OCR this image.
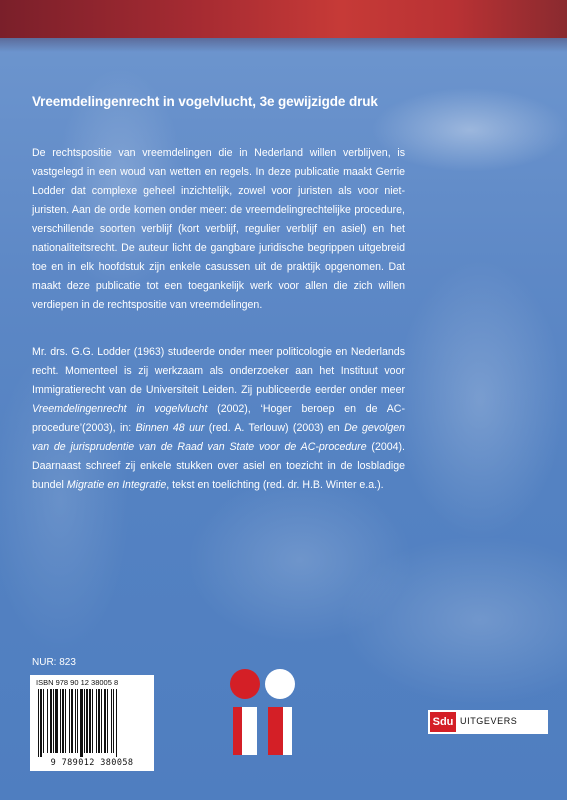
Vreemdelingenrecht in vogelvlucht, 3e gewijzigde druk

De rechtspositie van vreemdelingen die in Nederland willen verblijven, is vastgelegd in een woud van wetten en regels. In deze publicatie maakt Gerrie Lodder dat complexe geheel inzichtelijk, zowel voor juristen als voor niet-juristen. Aan de orde komen onder meer: de vreemdelingrechtelijke procedure, verschillende soorten verblijf (kort verblijf, regulier verblijf en asiel) en het nationaliteitsrecht. De auteur licht de gangbare juridische begrippen uitgebreid toe en in elk hoofdstuk zijn enkele casussen uit de praktijk opgenomen. Dat maakt deze publicatie tot een toegankelijk werk voor allen die zich willen verdiepen in de rechtspositie van vreemdelingen.

Mr. drs. G.G. Lodder (1963) studeerde onder meer politicologie en Nederlands recht. Momenteel is zij werkzaam als onderzoeker aan het Instituut voor Immigratierecht van de Universiteit Leiden. Zij publiceerde eerder onder meer Vreemdelingenrecht in vogelvlucht (2002), ‘Hoger beroep en de AC-procedure’(2003), in: Binnen 48 uur (red. A. Terlouw) (2003) en De gevolgen van de jurisprudentie van de Raad van State voor de AC-procedure (2004). Daarnaast schreef zij enkele stukken over asiel en toezicht in de losbladige bundel Migratie en Integratie, tekst en toelichting (red. dr. H.B. Winter e.a.).

NUR: 823
ISBN 978 90 12 38005 8
9 789012 380058
Sdu UITGEVERS
